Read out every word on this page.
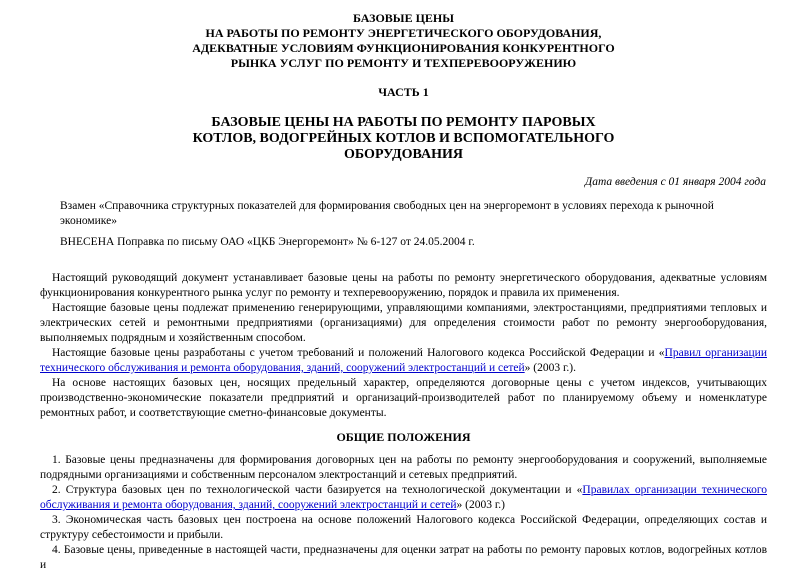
БАЗОВЫЕ ЦЕНЫ
НА РАБОТЫ ПО РЕМОНТУ ЭНЕРГЕТИЧЕСКОГО ОБОРУДОВАНИЯ,
АДЕКВАТНЫЕ УСЛОВИЯМ ФУНКЦИОНИРОВАНИЯ КОНКУРЕНТНОГО
РЫНКА УСЛУГ ПО РЕМОНТУ И ТЕХПЕРЕВООРУЖЕНИЮ
ЧАСТЬ 1
БАЗОВЫЕ ЦЕНЫ НА РАБОТЫ ПО РЕМОНТУ ПАРОВЫХ
КОТЛОВ, ВОДОГРЕЙНЫХ КОТЛОВ И ВСПОМОГАТЕЛЬНОГО
ОБОРУДОВАНИЯ
Дата введения с 01 января 2004 года
Взамен «Справочника структурных показателей для формирования свободных цен на энергоремонт в условиях перехода к рыночной экономике»
ВНЕСЕНА Поправка по письму ОАО «ЦКБ Энергоремонт» № 6-127 от 24.05.2004 г.

Настоящий руководящий документ устанавливает базовые цены на работы по ремонту энергетического оборудования, адекватные условиям функционирования конкурентного рынка услуг по ремонту и техперевооружению, порядок и правила их применения.

Настоящие базовые цены подлежат применению генерирующими, управляющими компаниями, электростанциями, предприятиями тепловых и электрических сетей и ремонтными предприятиями (организациями) для определения стоимости работ по ремонту энергооборудования, выполняемых подрядным и хозяйственным способом.

Настоящие базовые цены разработаны с учетом требований и положений Налогового кодекса Российской Федерации и «Правил организации технического обслуживания и ремонта оборудования, зданий, сооружений электростанций и сетей» (2003 г.).

На основе настоящих базовых цен, носящих предельный характер, определяются договорные цены с учетом индексов, учитывающих производственно-экономические показатели предприятий и организаций-производителей работ по планируемому объему и номенклатуре ремонтных работ, и соответствующие сметно-финансовые документы.

ОБЩИЕ ПОЛОЖЕНИЯ

1. Базовые цены предназначены для формирования договорных цен на работы по ремонту энергооборудования и сооружений, выполняемые подрядными организациями и собственным персоналом электростанций и сетевых предприятий.

2. Структура базовых цен по технологической части базируется на технологической документации и «Правилах организации технического обслуживания и ремонта оборудования, зданий, сооружений электростанций и сетей» (2003 г.)

3. Экономическая часть базовых цен построена на основе положений Налогового кодекса Российской Федерации, определяющих состав и структуру себестоимости и прибыли.

4. Базовые цены, приведенные в настоящей части, предназначены для оценки затрат на работы по ремонту паровых котлов, водогрейных котлов и
